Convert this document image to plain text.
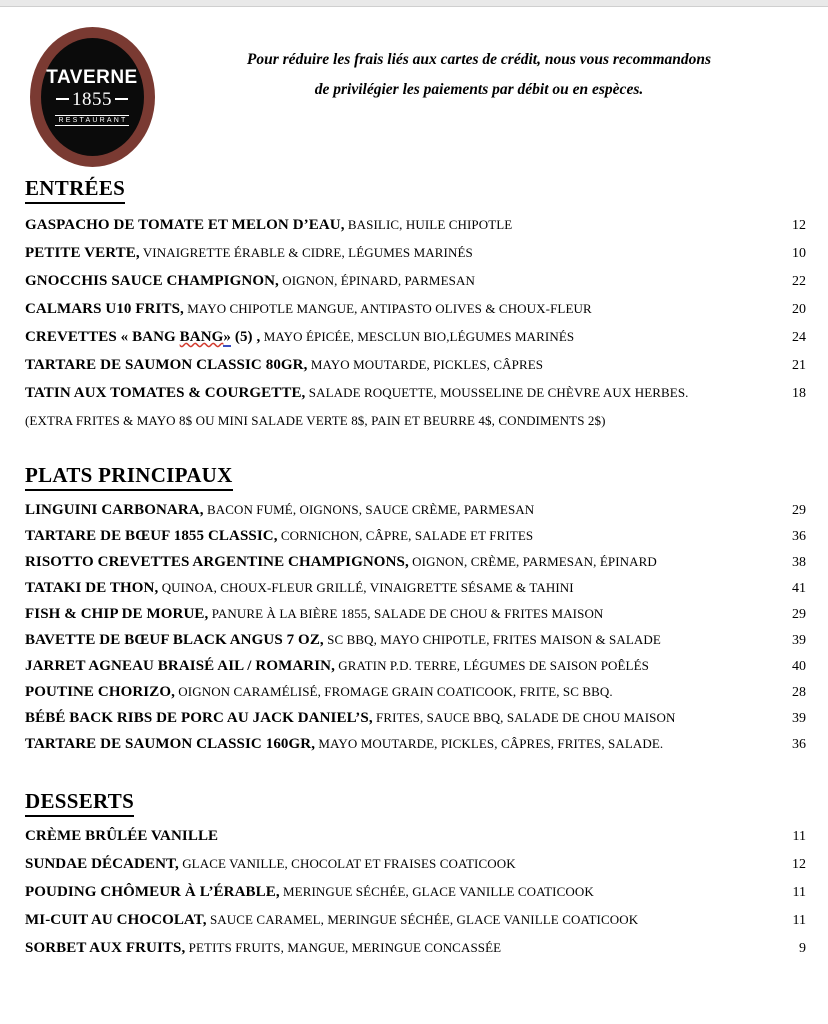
TAVERNE
1855
RESTAURANT
Pour réduire les frais liés aux cartes de crédit, nous vous recommandons
de privilégier les paiements par débit ou en espèces.
ENTRÉES
GASPACHO DE TOMATE ET MELON D’EAU, BASILIC, HUILE CHIPOTLE	12
PETITE VERTE, VINAIGRETTE ÉRABLE & CIDRE, LÉGUMES MARINÉS	10
GNOCCHIS SAUCE CHAMPIGNON, OIGNON, ÉPINARD, PARMESAN	22
CALMARS U10 FRITS, MAYO CHIPOTLE MANGUE, ANTIPASTO OLIVES & CHOUX-FLEUR	20
CREVETTES « BANG BANG» (5) , MAYO ÉPICÉE, MESCLUN BIO,LÉGUMES MARINÉS	24
TARTARE DE SAUMON CLASSIC 80GR, MAYO MOUTARDE, PICKLES, CÂPRES	21
TATIN AUX TOMATES & COURGETTE, SALADE ROQUETTE, MOUSSELINE DE CHÈVRE AUX HERBES.	18
(EXTRA FRITES & MAYO 8$ OU MINI SALADE VERTE 8$, PAIN ET BEURRE 4$, CONDIMENTS 2$)
PLATS PRINCIPAUX
LINGUINI CARBONARA, BACON FUMÉ, OIGNONS, SAUCE CRÈME, PARMESAN	29
TARTARE DE BŒUF 1855 CLASSIC, CORNICHON, CÂPRE, SALADE ET FRITES	36
RISOTTO CREVETTES ARGENTINE CHAMPIGNONS, OIGNON, CRÈME, PARMESAN, ÉPINARD	38
TATAKI DE THON, QUINOA, CHOUX-FLEUR GRILLÉ, VINAIGRETTE SÉSAME & TAHINI	41
FISH & CHIP DE MORUE, PANURE À LA BIÈRE 1855, SALADE DE CHOU & FRITES MAISON	29
BAVETTE DE BŒUF BLACK ANGUS 7 OZ, SC BBQ, MAYO CHIPOTLE, FRITES MAISON & SALADE	39
JARRET AGNEAU BRAISÉ AIL / ROMARIN, GRATIN P.D. TERRE, LÉGUMES DE SAISON POÊLÉS	40
POUTINE CHORIZO, OIGNON CARAMÉLISÉ, FROMAGE GRAIN COATICOOK, FRITE, SC BBQ.	28
BÉBÉ BACK RIBS DE PORC AU JACK DANIEL’S, FRITES, SAUCE BBQ, SALADE DE CHOU MAISON	39
TARTARE DE SAUMON CLASSIC 160GR, MAYO MOUTARDE, PICKLES, CÂPRES, FRITES, SALADE.	36
DESSERTS
CRÈME BRÛLÉE VANILLE	11
SUNDAE DÉCADENT, GLACE VANILLE, CHOCOLAT ET FRAISES COATICOOK	12
POUDING CHÔMEUR À L’ÉRABLE, MERINGUE SÉCHÉE, GLACE VANILLE COATICOOK	11
MI-CUIT AU CHOCOLAT, SAUCE CARAMEL, MERINGUE SÉCHÉE, GLACE VANILLE COATICOOK	11
SORBET AUX FRUITS, PETITS FRUITS, MANGUE, MERINGUE CONCASSÉE	9
